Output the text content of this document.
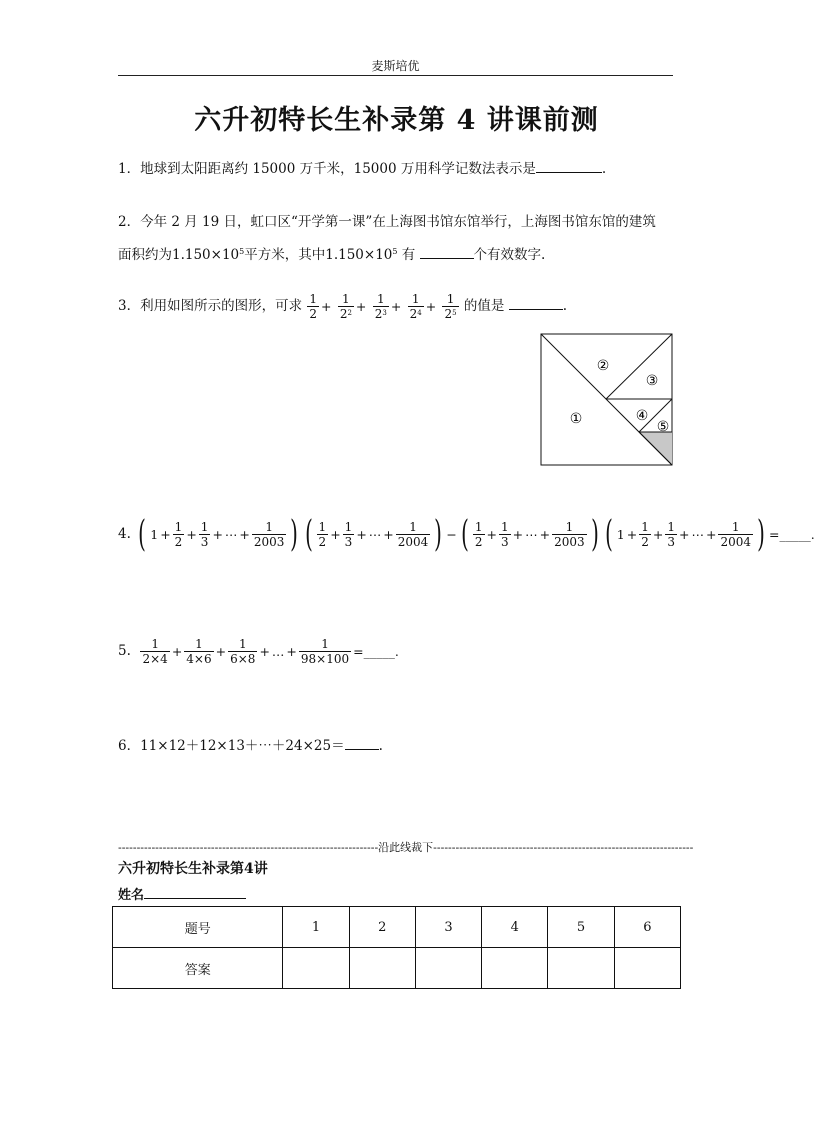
麦斯培优
六升初特长生补录第 4 讲课前测
1．地球到太阳距离约 15000 万千米，15000 万用科学记数法表示是	.
2．今年 2 月 19 日，虹口区“开学第一课”在上海图书馆东馆举行，上海图书馆东馆的建筑
面积约为$1.150\times 10^5$平方米，其中$1.150\times 10^5$ 有	个有效数字.
3．利用如图所示的图形，可求 $\frac{1}{2} + \frac{1}{2^2} + \frac{1}{2^3} + \frac{1}{2^4} + \frac{1}{2^5}$ 的值是	.
①
②
③
④
⑤
4. ( $1 + \frac{1}{2} + \frac{1}{3}$ + ⋯ + $\frac{1}{2003}$ ) ( $\frac{1}{2} + \frac{1}{3}$ + ⋯ + $\frac{1}{2004}$ ) − ( $\frac{1}{2} + \frac{1}{3}$ + ⋯ + $\frac{1}{2003}$ ) ( $1 + \frac{1}{2} + \frac{1}{3}$ + ⋯ + $\frac{1}{2004}$ ) =_____.
5. $\frac{1}{2\times 4} + \frac{1}{4\times 6} + \frac{1}{6\times 8}$ + … + $\frac{1}{98\times 100}$ =_____.
6．11×12＋12×13＋⋯＋24×25＝	.
----------------------------------------------------------------------沿此线裁下----------------------------------------------------------------------
六升初特长生补录第4讲
姓名
题号	1	2	3	4	5	6
答案						
